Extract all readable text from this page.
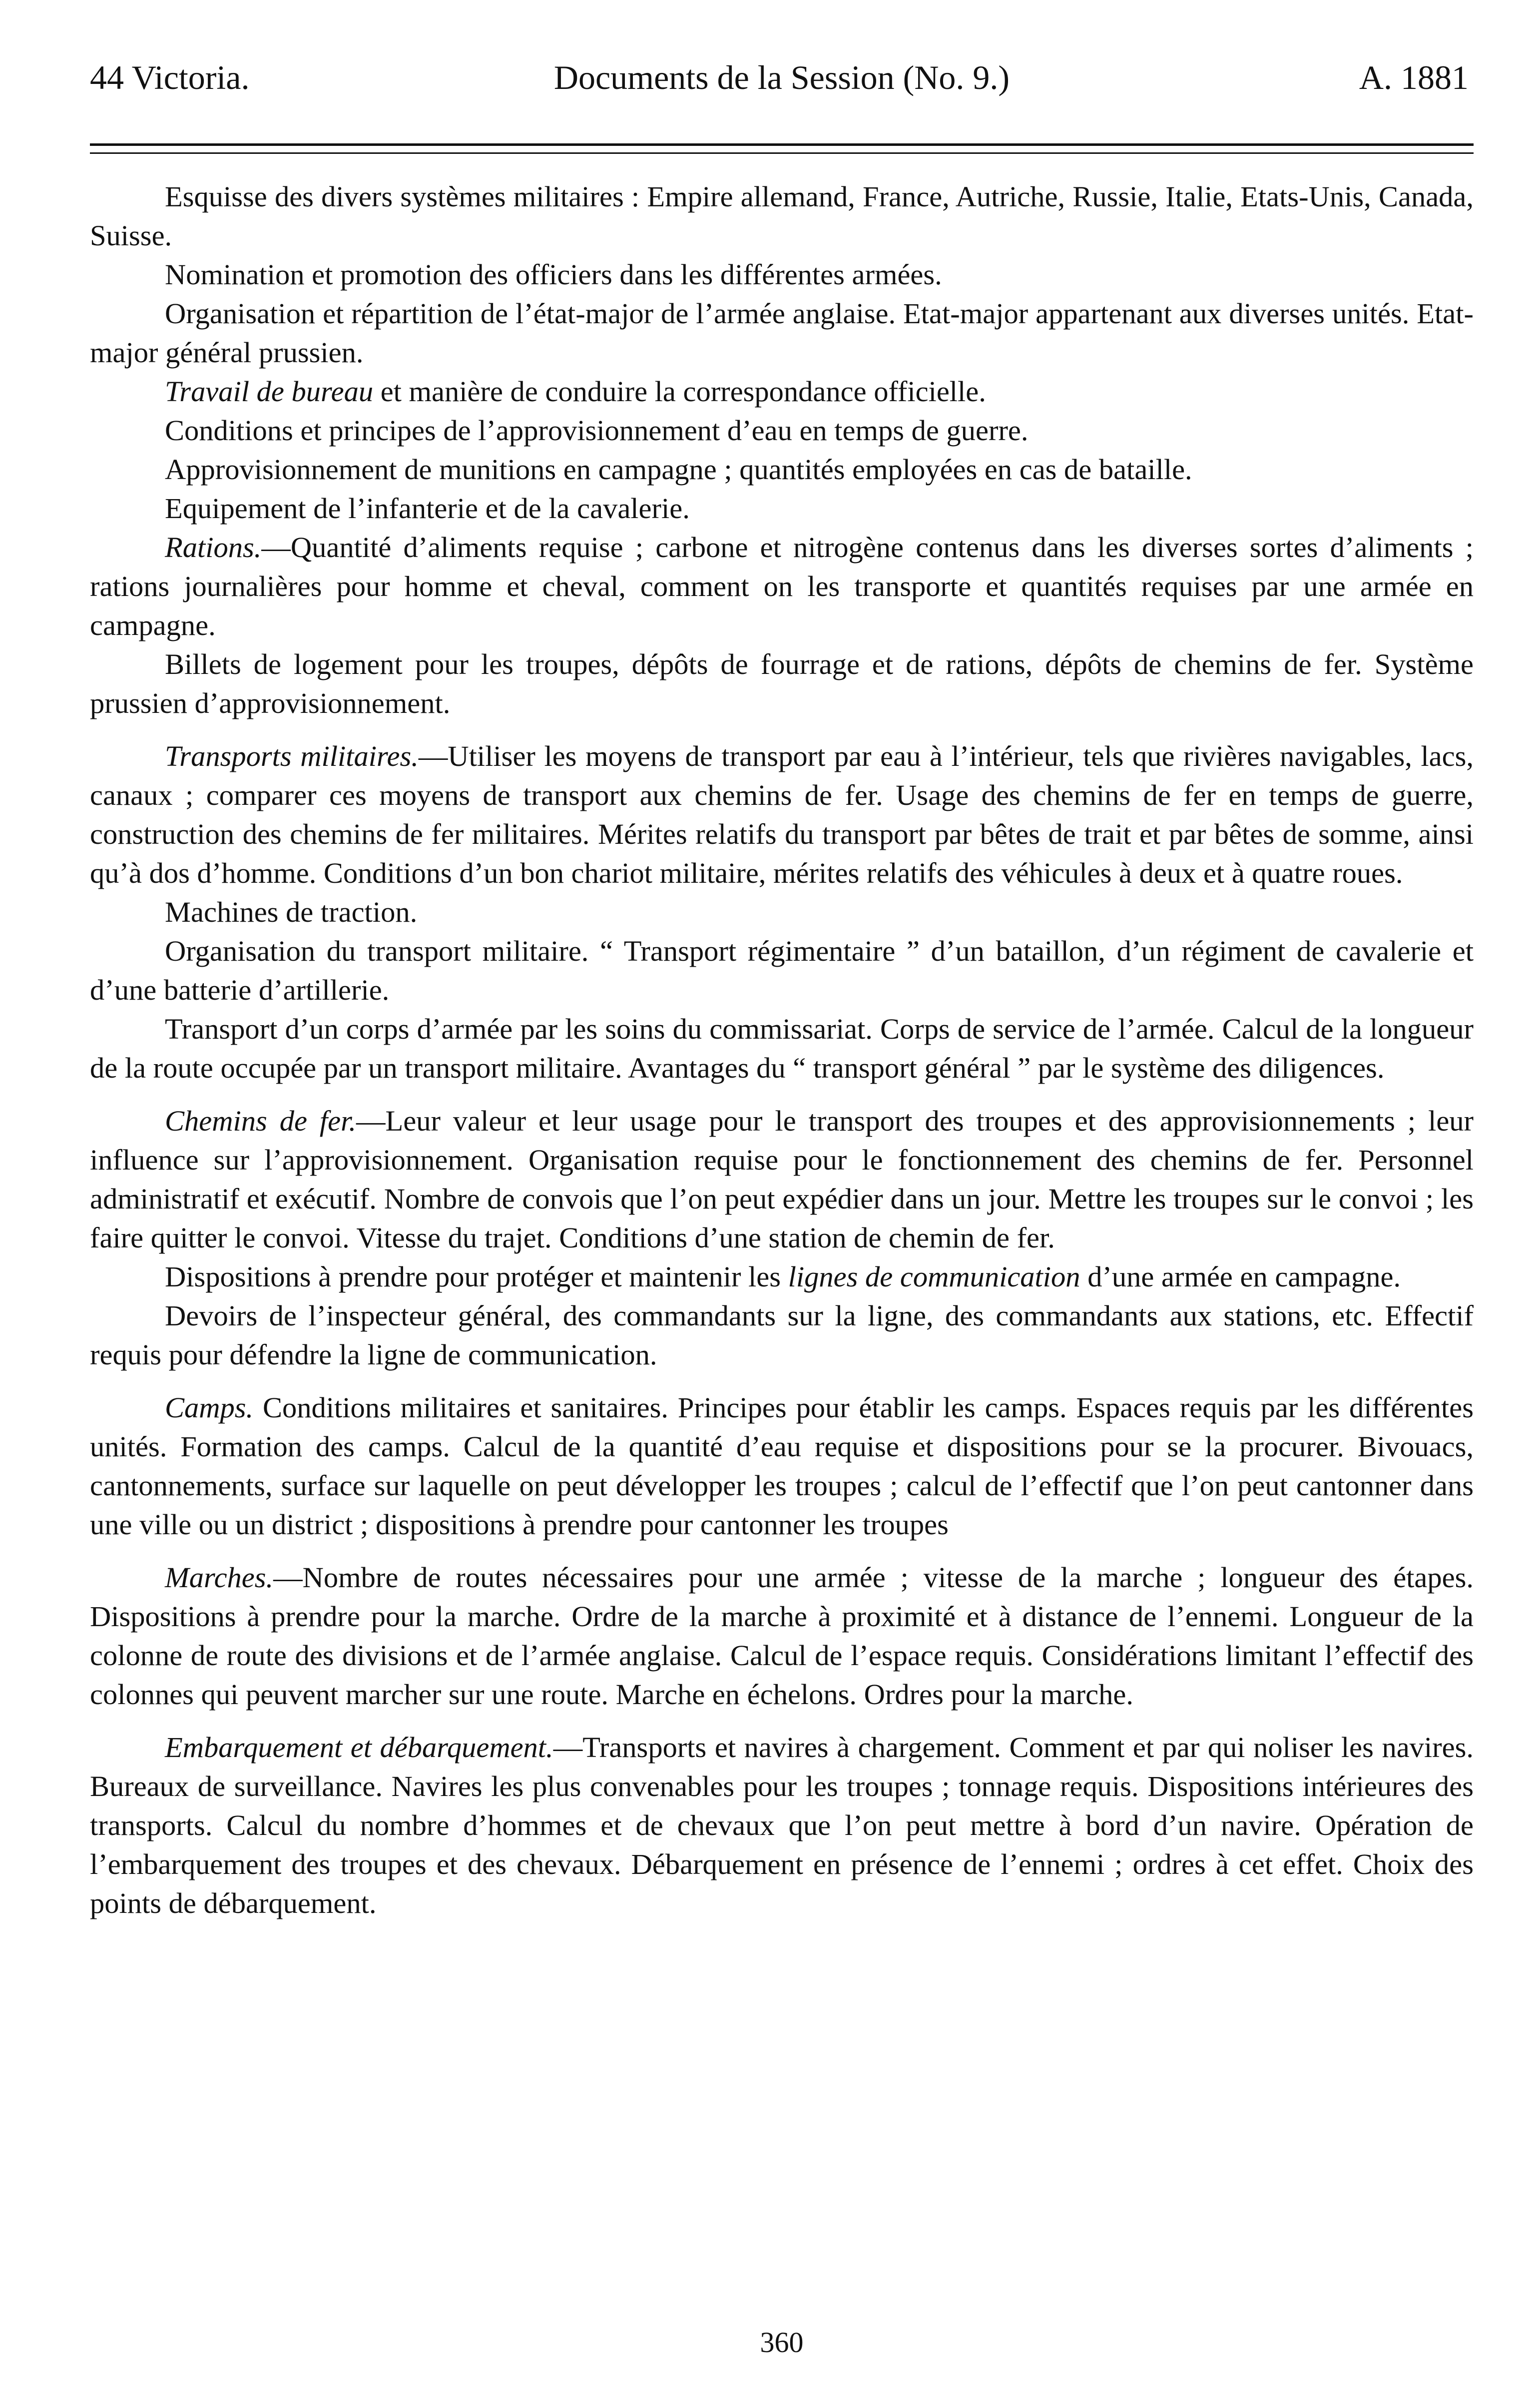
44 Victoria.	Documents de la Session (No. 9.)	A. 1881

Esquisse des divers systèmes militaires : Empire allemand, France, Autriche, Russie, Italie, Etats-Unis, Canada, Suisse.

Nomination et promotion des officiers dans les différentes armées.

Organisation et répartition de l’état-major de l’armée anglaise. Etat-major appartenant aux diverses unités. Etat-major général prussien.

Travail de bureau et manière de conduire la correspondance officielle.

Conditions et principes de l’approvisionnement d’eau en temps de guerre.

Approvisionnement de munitions en campagne ; quantités employées en cas de bataille.

Equipement de l’infanterie et de la cavalerie.

Rations.—Quantité d’aliments requise ; carbone et nitrogène contenus dans les diverses sortes d’aliments ; rations journalières pour homme et cheval, comment on les transporte et quantités requises par une armée en campagne.

Billets de logement pour les troupes, dépôts de fourrage et de rations, dépôts de chemins de fer. Système prussien d’approvisionnement.

Transports militaires.—Utiliser les moyens de transport par eau à l’intérieur, tels que rivières navigables, lacs, canaux ; comparer ces moyens de transport aux chemins de fer. Usage des chemins de fer en temps de guerre, construction des chemins de fer militaires. Mérites relatifs du transport par bêtes de trait et par bêtes de somme, ainsi qu’à dos d’homme. Conditions d’un bon chariot militaire, mérites relatifs des véhicules à deux et à quatre roues.

Machines de traction.

Organisation du transport militaire. “ Transport régimentaire ” d’un bataillon, d’un régiment de cavalerie et d’une batterie d’artillerie.

Transport d’un corps d’armée par les soins du commissariat. Corps de service de l’armée. Calcul de la longueur de la route occupée par un transport militaire. Avantages du “ transport général ” par le système des diligences.

Chemins de fer.—Leur valeur et leur usage pour le transport des troupes et des approvisionnements ; leur influence sur l’approvisionnement. Organisation requise pour le fonctionnement des chemins de fer. Personnel administratif et exécutif. Nombre de convois que l’on peut expédier dans un jour. Mettre les troupes sur le convoi ; les faire quitter le convoi. Vitesse du trajet. Conditions d’une station de chemin de fer.

Dispositions à prendre pour protéger et maintenir les lignes de communication d’une armée en campagne.

Devoirs de l’inspecteur général, des commandants sur la ligne, des commandants aux stations, etc. Effectif requis pour défendre la ligne de communication.

Camps. Conditions militaires et sanitaires. Principes pour établir les camps. Espaces requis par les différentes unités. Formation des camps. Calcul de la quantité d’eau requise et dispositions pour se la procurer. Bivouacs, cantonnements, surface sur laquelle on peut développer les troupes ; calcul de l’effectif que l’on peut cantonner dans une ville ou un district ; dispositions à prendre pour cantonner les troupes

Marches.—Nombre de routes nécessaires pour une armée ; vitesse de la marche ; longueur des étapes. Dispositions à prendre pour la marche. Ordre de la marche à proximité et à distance de l’ennemi. Longueur de la colonne de route des divisions et de l’armée anglaise. Calcul de l’espace requis. Considérations limitant l’effectif des colonnes qui peuvent marcher sur une route. Marche en échelons. Ordres pour la marche.

Embarquement et débarquement.—Transports et navires à chargement. Comment et par qui noliser les navires. Bureaux de surveillance. Navires les plus convenables pour les troupes ; tonnage requis. Dispositions intérieures des transports. Calcul du nombre d’hommes et de chevaux que l’on peut mettre à bord d’un navire. Opération de l’embarquement des troupes et des chevaux. Débarquement en présence de l’ennemi ; ordres à cet effet. Choix des points de débarquement.

360
